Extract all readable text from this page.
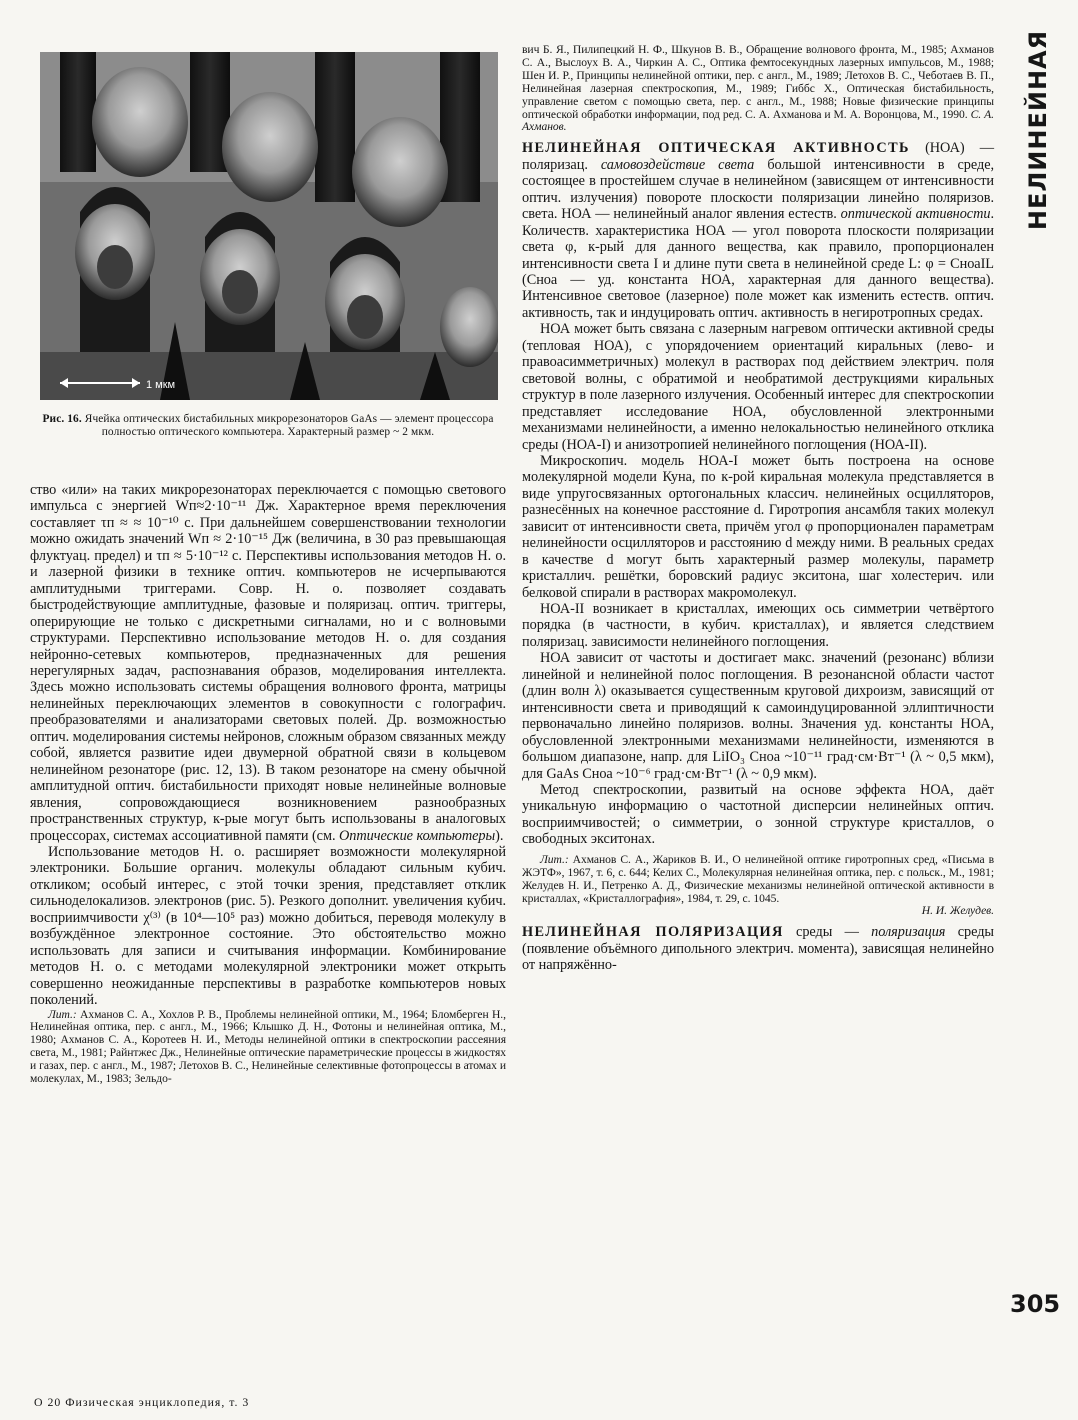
1 мкм
Рис. 16. Ячейка оптических бистабильных микрорезонаторов GaAs — элемент процессора полностью оптического компьютера. Характерный размер ~ 2 мкм.

ство «или» на таких микрорезонаторах переключается с помощью светового импульса с энергией Wп≈2·10⁻¹¹ Дж. Характерное время переключения составляет τп ≈ ≈ 10⁻¹⁰ с. При дальнейшем совершенствовании технологии можно ожидать значений Wп ≈ 2·10⁻¹⁵ Дж (величина, в 30 раз превышающая флуктуац. предел) и τп ≈ 5·10⁻¹² с. Перспективы использования методов Н. о. и лазерной физики в технике оптич. компьютеров не исчерпываются амплитудными триггерами. Совр. Н. о. позволяет создавать быстродействующие амплитудные, фазовые и поляризац. оптич. триггеры, оперирующие не только с дискретными сигналами, но и с волновыми структурами. Перспективно использование методов Н. о. для создания нейронно-сетевых компьютеров, предназначенных для решения нерегулярных задач, распознавания образов, моделирования интеллекта. Здесь можно использовать системы обращения волнового фронта, матрицы нелинейных переключающих элементов в совокупности с голографич. преобразователями и анализаторами световых полей. Др. возможностью оптич. моделирования системы нейронов, сложным образом связанных между собой, является развитие идеи двумерной обратной связи в кольцевом нелинейном резонаторе (рис. 12, 13). В таком резонаторе на смену обычной амплитудной оптич. бистабильности приходят новые нелинейные волновые явления, сопровождающиеся возникновением разнообразных пространственных структур, к-рые могут быть использованы в аналоговых процессорах, системах ассоциативной памяти (см. Оптические компьютеры).

Использование методов Н. о. расширяет возможности молекулярной электроники. Большие органич. молекулы обладают сильным кубич. откликом; особый интерес, с этой точки зрения, представляет отклик сильноделокализов. электронов (рис. 5). Резкого дополнит. увеличения кубич. восприимчивости χ⁽³⁾ (в 10⁴—10⁵ раз) можно добиться, переводя молекулу в возбуждённое электронное состояние. Это обстоятельство можно использовать для записи и считывания информации. Комбинирование методов Н. о. с методами молекулярной электроники может открыть совершенно неожиданные перспективы в разработке компьютеров новых поколений.

Лит.: Ахманов С. А., Хохлов Р. В., Проблемы нелинейной оптики, М., 1964; Бломберген Н., Нелинейная оптика, пер. с англ., М., 1966; Клышко Д. Н., Фотоны и нелинейная оптика, М., 1980; Ахманов С. А., Коротеев Н. И., Методы нелинейной оптики в спектроскопии рассеяния света, М., 1981; Райнтжес Дж., Нелинейные оптические параметрические процессы в жидкостях и газах, пер. с англ., М., 1987; Летохов В. С., Нелинейные селективные фотопроцессы в атомах и молекулах, М., 1983; Зельдо-

вич Б. Я., Пилипецкий Н. Ф., Шкунов В. В., Обращение волнового фронта, М., 1985; Ахманов С. А., Выслоух В. А., Чиркин А. С., Оптика фемтосекундных лазерных импульсов, М., 1988; Шен И. Р., Принципы нелинейной оптики, пер. с англ., М., 1989; Летохов В. С., Чеботаев В. П., Нелинейная лазерная спектроскопия, М., 1989; Гиббс Х., Оптическая бистабильность, управление светом с помощью света, пер. с англ., М., 1988; Новые физические принципы оптической обработки информации, под ред. С. А. Ахманова и М. А. Воронцова, М., 1990. С. А. Ахманов.

НЕЛИНЕЙНАЯ ОПТИЧЕСКАЯ АКТИВНОСТЬ (НОА) — поляризац. самовоздействие света большой интенсивности в среде, состоящее в простейшем случае в нелинейном (зависящем от интенсивности оптич. излучения) повороте плоскости поляризации линейно поляризов. света. НОА — нелинейный аналог явления естеств. оптической активности. Количеств. характеристика НОА — угол поворота плоскости поляризации света φ, к-рый для данного вещества, как правило, пропорционален интенсивности света I и длине пути света в нелинейной среде L: φ = CноаIL (Cноа — уд. константа НОА, характерная для данного вещества). Интенсивное световое (лазерное) поле может как изменить естеств. оптич. активность, так и индуцировать оптич. активность в негиротропных средах.

НОА может быть связана с лазерным нагревом оптически активной среды (тепловая НОА), с упорядочением ориентаций киральных (лево- и правоасимметричных) молекул в растворах под действием электрич. поля световой волны, с обратимой и необратимой деструкциями киральных структур в поле лазерного излучения. Особенный интерес для спектроскопии представляет исследование НОА, обусловленной электронными механизмами нелинейности, а именно нелокальностью нелинейного отклика среды (НОА-I) и анизотропией нелинейного поглощения (НОА-II).

Микроскопич. модель НОА-I может быть построена на основе молекулярной модели Куна, по к-рой киральная молекула представляется в виде упругосвязанных ортогональных классич. нелинейных осцилляторов, разнесённых на конечное расстояние d. Гиротропия ансамбля таких молекул зависит от интенсивности света, причём угол φ пропорционален параметрам нелинейности осцилляторов и расстоянию d между ними. В реальных средах в качестве d могут быть характерный размер молекулы, параметр кристаллич. решётки, боровский радиус экситона, шаг холестерич. или белковой спирали в растворах макромолекул.

НОА-II возникает в кристаллах, имеющих ось симметрии четвёртого порядка (в частности, в кубич. кристаллах), и является следствием поляризац. зависимости нелинейного поглощения.

НОА зависит от частоты и достигает макс. значений (резонанс) вблизи линейной и нелинейной полос поглощения. В резонансной области частот (длин волн λ) оказывается существенным круговой дихроизм, зависящий от интенсивности света и приводящий к самоиндуцированной эллиптичности первоначально линейно поляризов. волны. Значения уд. константы НОА, обусловленной электронными механизмами нелинейности, изменяются в большом диапазоне, напр. для LiIO₃ Cноа ~10⁻¹¹ град·см·Вт⁻¹ (λ ~ 0,5 мкм), для GaAs Cноа ~10⁻⁶ град·см·Вт⁻¹ (λ ~ 0,9 мкм).

Метод спектроскопии, развитый на основе эффекта НОА, даёт уникальную информацию о частотной дисперсии нелинейных оптич. восприимчивостей; о симметрии, о зонной структуре кристаллов, о свободных экситонах.

Лит.: Ахманов С. А., Жариков В. И., О нелинейной оптике гиротропных сред, «Письма в ЖЭТФ», 1967, т. 6, с. 644; Келих С., Молекулярная нелинейная оптика, пер. с польск., М., 1981; Желудев Н. И., Петренко А. Д., Физические механизмы нелинейной оптической активности в кристаллах, «Кристаллография», 1984, т. 29, с. 1045.
Н. И. Желудев.

НЕЛИНЕЙНАЯ ПОЛЯРИЗАЦИЯ среды — поляризация среды (появление объёмного дипольного электрич. момента), зависящая нелинейно от напряжённо-

НЕЛИНЕЙНАЯ
305
О 20 Физическая энциклопедия, т. 3
